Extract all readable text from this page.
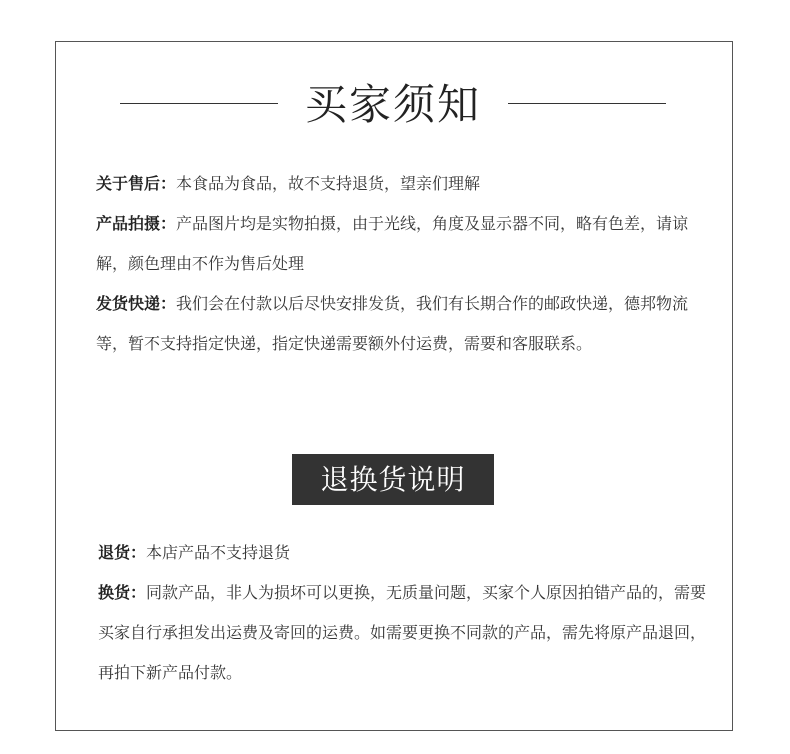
买家须知

关于售后：本食品为食品，故不支持退货，望亲们理解

产品拍摄：产品图片均是实物拍摄，由于光线，角度及显示器不同，略有色差，请谅解，颜色理由不作为售后处理

发货快递：我们会在付款以后尽快安排发货，我们有长期合作的邮政快递，德邦物流等，暂不支持指定快递，指定快递需要额外付运费，需要和客服联系。

退换货说明

退货：本店产品不支持退货

换货：同款产品，非人为损坏可以更换，无质量问题，买家个人原因拍错产品的，需要买家自行承担发出运费及寄回的运费。如需要更换不同款的产品，需先将原产品退回，再拍下新产品付款。
